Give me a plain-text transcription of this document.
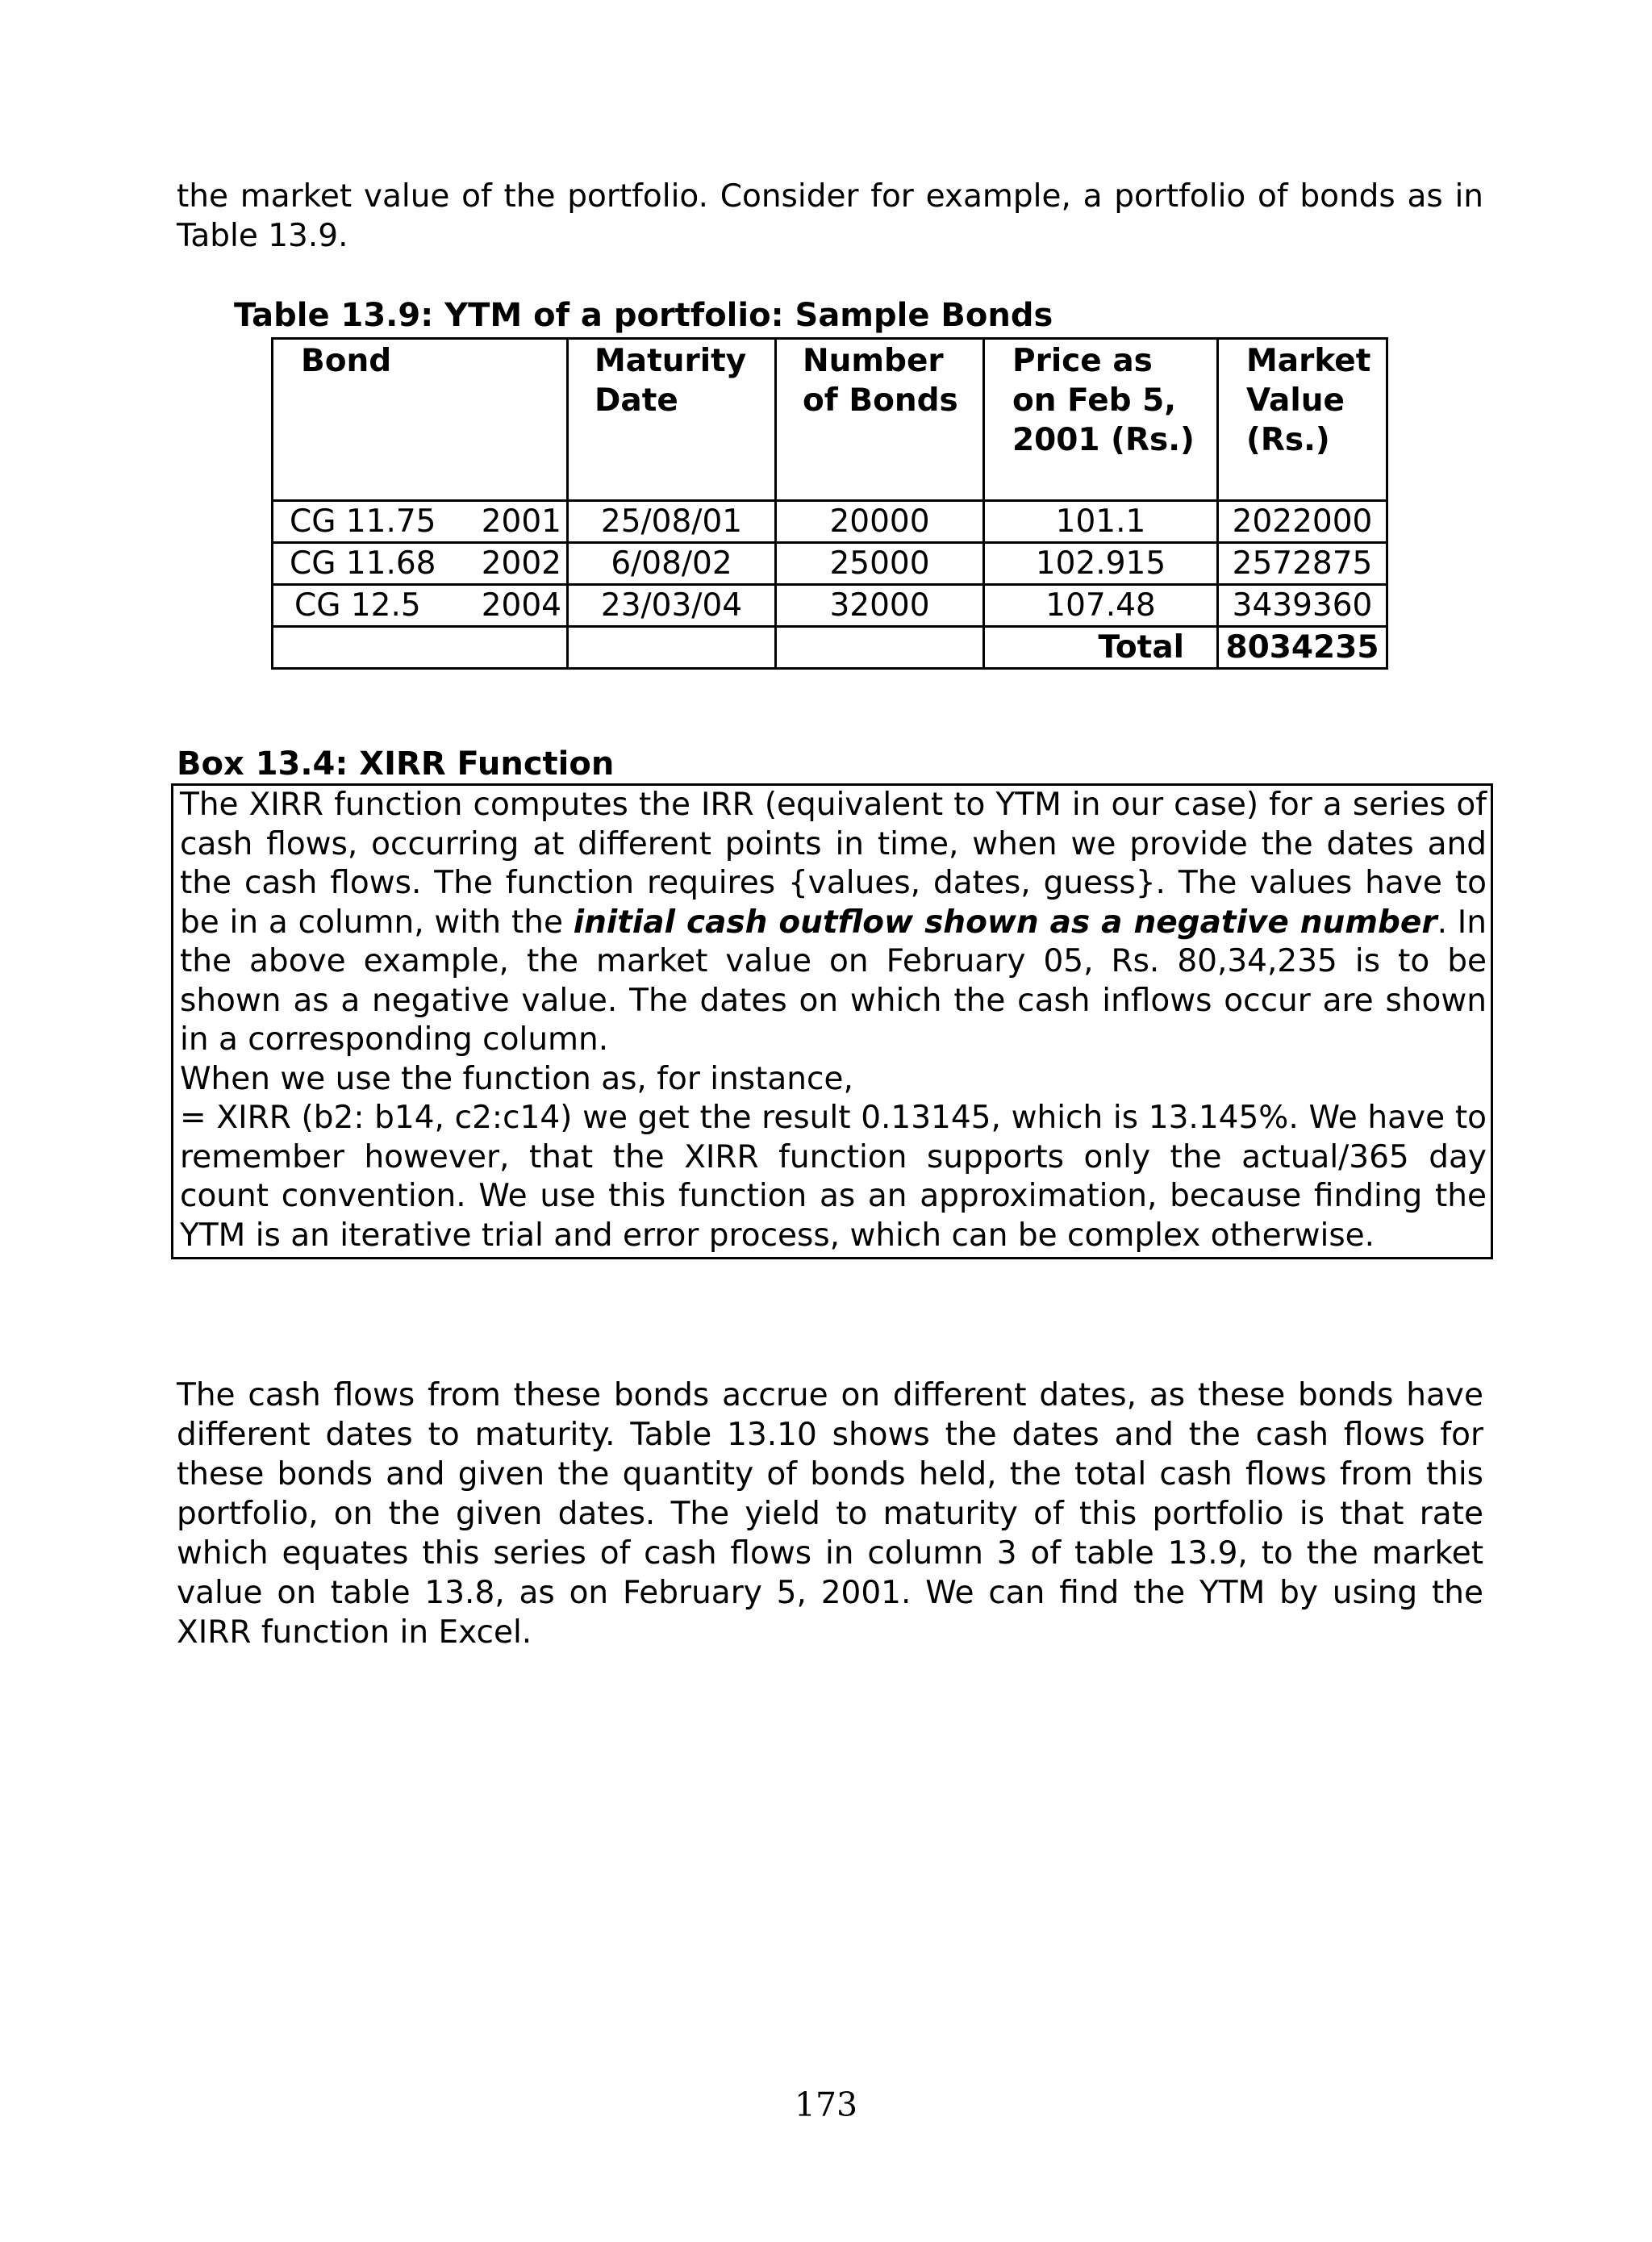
the market value of the portfolio. Consider for example, a portfolio of bonds as in Table 13.9.

Table 13.9: YTM of a portfolio: Sample Bonds

Bond	Maturity Date	Number of Bonds	Price as on Feb 5, 2001 (Rs.)	Market Value (Rs.)

CG 11.75 2001	25/08/01	20000	101.1	2022000

CG 11.68 2002	6/08/02	25000	102.915	2572875

CG 12.5 2004	23/03/04	32000	107.48	3439360
			Total	8034235

Box 13.4: XIRR Function

The XIRR function computes the IRR (equivalent to YTM in our case) for a series of cash flows, occurring at different points in time, when we provide the dates and the cash flows. The function requires {values, dates, guess}. The values have to be in a column, with the initial cash outflow shown as a negative number. In the above example, the market value on February 05, Rs. 80,34,235 is to be shown as a negative value. The dates on which the cash inflows occur are shown in a corresponding column.

When we use the function as, for instance,

= XIRR (b2: b14, c2:c14) we get the result 0.13145, which is 13.145%. We have to remember however, that the XIRR function supports only the actual/365 day count convention. We use this function as an approximation, because finding the YTM is an iterative trial and error process, which can be complex otherwise.

The cash flows from these bonds accrue on different dates, as these bonds have different dates to maturity. Table 13.10 shows the dates and the cash flows for these bonds and given the quantity of bonds held, the total cash flows from this portfolio, on the given dates. The yield to maturity of this portfolio is that rate which equates this series of cash flows in column 3 of table 13.9, to the market value on table 13.8, as on February 5, 2001. We can find the YTM by using the XIRR function in Excel.

173
